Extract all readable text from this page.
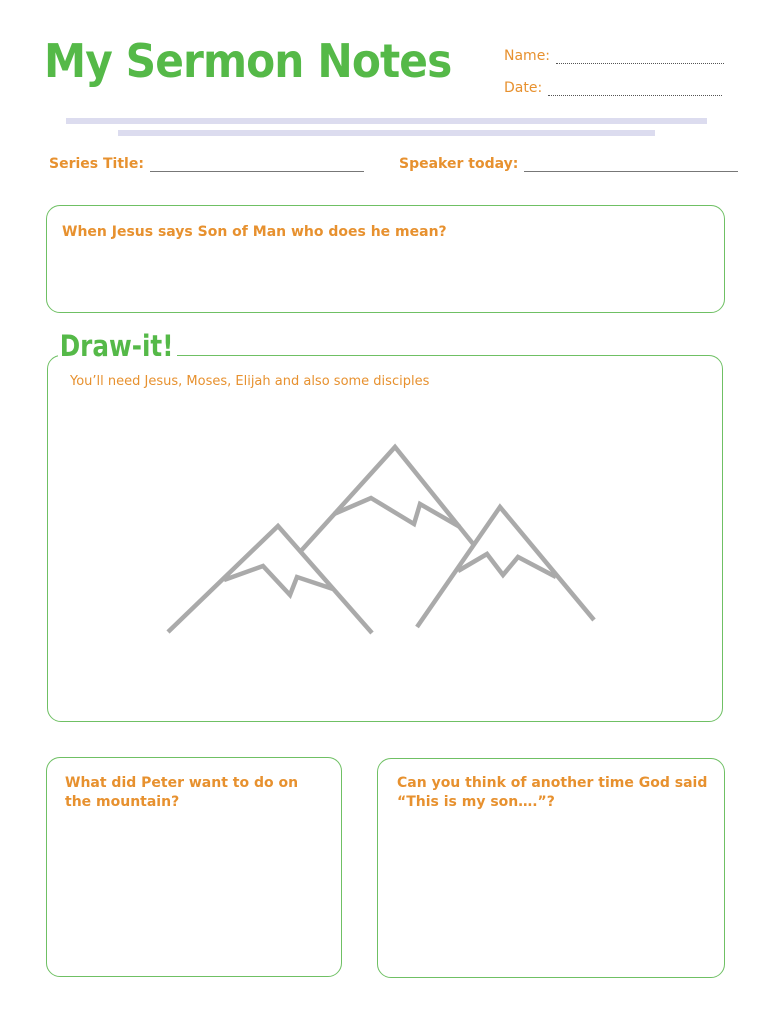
My Sermon Notes	Name:
Date:
Series Title:	Speaker today:
When Jesus says Son of Man who does he mean?
Draw-it!
You’ll need Jesus, Moses, Elijah and also some disciples
What did Peter want to do on the mountain?
Can you think of another time God said “This is my son….”?
